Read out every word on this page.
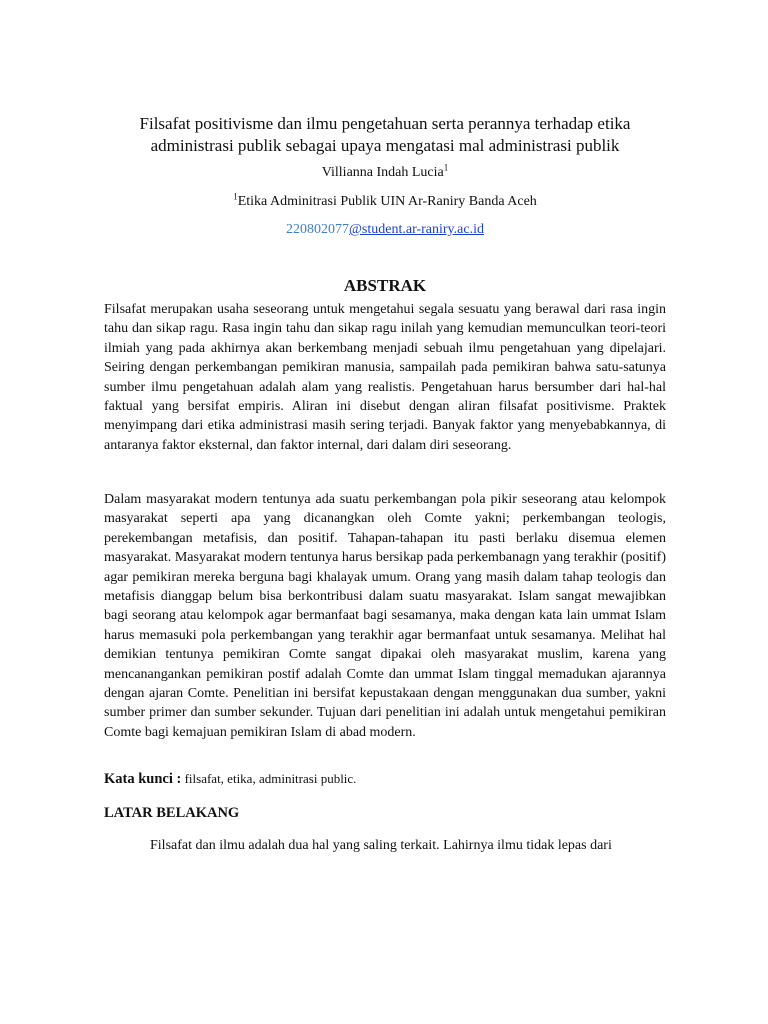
Filsafat positivisme dan ilmu pengetahuan serta perannya terhadap etika
administrasi publik sebagai upaya mengatasi mal administrasi publik
Villianna Indah Lucia$^1$
$^1$Etika Adminitrasi Publik UIN Ar-Raniry Banda Aceh
220802077@student.ar-raniry.ac.id
ABSTRAK

Filsafat merupakan usaha seseorang untuk mengetahui segala sesuatu yang berawal dari rasa ingin tahu dan sikap ragu. Rasa ingin tahu dan sikap ragu inilah yang kemudian memunculkan teori-teori ilmiah yang pada akhirnya akan berkembang menjadi sebuah ilmu pengetahuan yang dipelajari. Seiring dengan perkembangan pemikiran manusia, sampailah pada pemikiran bahwa satu-satunya sumber ilmu pengetahuan adalah alam yang realistis. Pengetahuan harus bersumber dari hal-hal faktual yang bersifat empiris. Aliran ini disebut dengan aliran filsafat positivisme. Praktek menyimpang dari etika administrasi masih sering terjadi. Banyak faktor yang menyebabkannya, di antaranya faktor eksternal, dan faktor internal, dari dalam diri seseorang.

Dalam masyarakat modern tentunya ada suatu perkembangan pola pikir seseorang atau kelompok masyarakat seperti apa yang dicanangkan oleh Comte yakni; perkembangan teologis, perekembangan metafisis, dan positif. Tahapan-tahapan itu pasti berlaku disemua elemen masyarakat. Masyarakat modern tentunya harus bersikap pada perkembanagn yang terakhir (positif) agar pemikiran mereka berguna bagi khalayak umum. Orang yang masih dalam tahap teologis dan metafisis dianggap belum bisa berkontribusi dalam suatu masyarakat. Islam sangat mewajibkan bagi seorang atau kelompok agar bermanfaat bagi sesamanya, maka dengan kata lain ummat Islam harus memasuki pola perkembangan yang terakhir agar bermanfaat untuk sesamanya. Melihat hal demikian tentunya pemikiran Comte sangat dipakai oleh masyarakat muslim, karena yang mencanangankan pemikiran postif adalah Comte dan ummat Islam tinggal memadukan ajarannya dengan ajaran Comte. Penelitian ini bersifat kepustakaan dengan menggunakan dua sumber, yakni sumber primer dan sumber sekunder. Tujuan dari penelitian ini adalah untuk mengetahui pemikiran Comte bagi kemajuan pemikiran Islam di abad modern.

Kata kunci : filsafat, etika, adminitrasi public.
LATAR BELAKANG
Filsafat dan ilmu adalah dua hal yang saling terkait. Lahirnya ilmu tidak lepas dari
